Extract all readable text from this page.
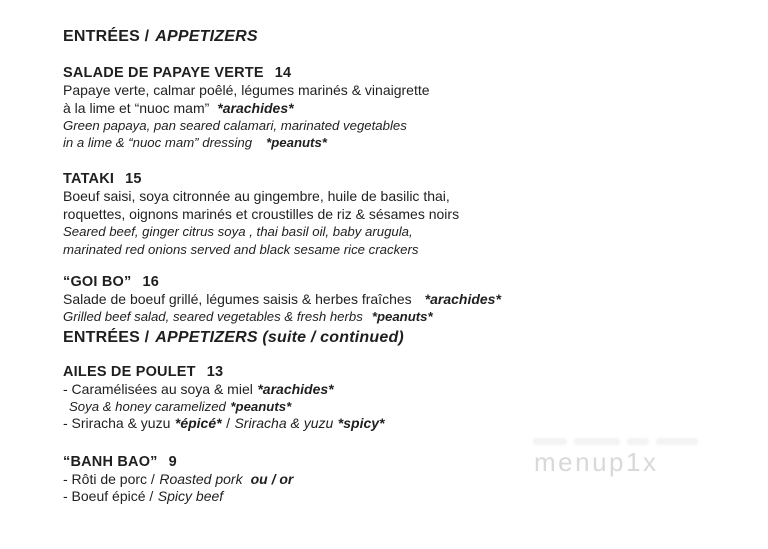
ENTRÉES / APPETIZERS
SALADE DE PAPAYE VERTE 14
Papaye verte, calmar poêlé, légumes marinés & vinaigrette
à la lime et “nuoc mam” *arachides*
Green papaya, pan seared calamari, marinated vegetables
in a lime & “nuoc mam” dressing *peanuts*
TATAKI 15
Boeuf saisi, soya citronnée au gingembre, huile de basilic thai,
roquettes, oignons marinés et croustilles de riz & sésames noirs
Seared beef, ginger citrus soya , thai basil oil, baby arugula,
marinated red onions served and black sesame rice crackers
“GOI BO” 16
Salade de boeuf grillé, légumes saisis & herbes fraîches *arachides*
Grilled beef salad, seared vegetables & fresh herbs *peanuts*
ENTRÉES / APPETIZERS (suite / continued)
AILES DE POULET 13
- Caramélisées au soya & miel *arachides*
Soya & honey caramelized *peanuts*
- Sriracha & yuzu *épicé* / Sriracha & yuzu *spicy*
“BANH BAO” 9
- Rôti de porc / Roasted pork ou / or
- Boeuf épicé / Spicy beef
menup1x
